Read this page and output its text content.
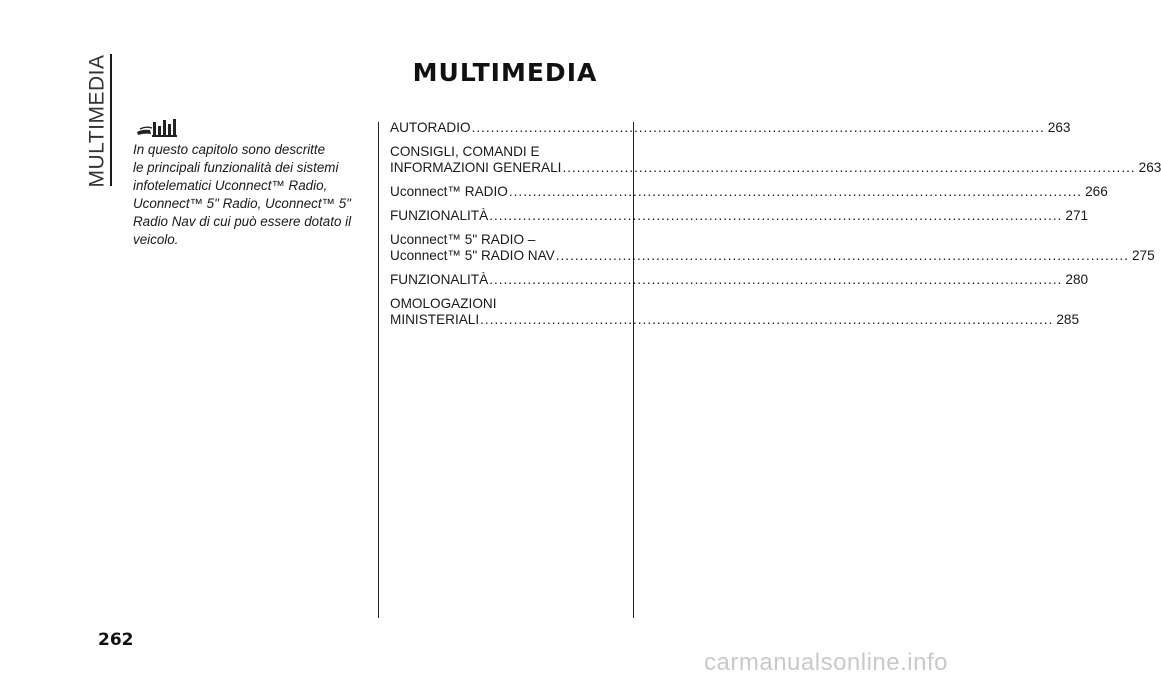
MULTIMEDIA	MULTIMEDIA
In questo capitolo sono descritte
le principali funzionalità dei sistemi
infotelematici Uconnect™ Radio,
Uconnect™ 5" Radio, Uconnect™ 5"
Radio Nav di cui può essere dotato il
veicolo.
AUTORADIO ........................................................................................................................ 263
CONSIGLI, COMANDI E
INFORMAZIONI GENERALI ........................................................................................................................ 263
Uconnect™ RADIO ........................................................................................................................ 266
FUNZIONALITÀ ........................................................................................................................ 271
Uconnect™ 5" RADIO –
Uconnect™ 5" RADIO NAV ........................................................................................................................ 275
FUNZIONALITÀ ........................................................................................................................ 280
OMOLOGAZIONI
MINISTERIALI ........................................................................................................................ 285
262
carmanualsonline.info
